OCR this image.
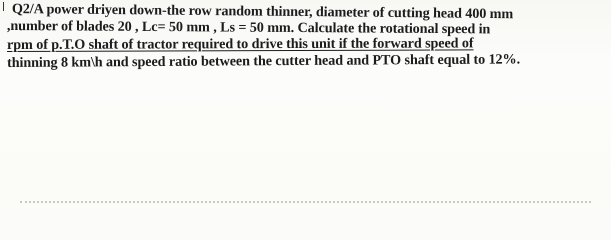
Q2/A power driyen down-the row random thinner, diameter of cutting head 400 mm
,number of blades 20 , Lc= 50 mm , Ls = 50 mm. Calculate the rotational speed in
rpm of p.T.O shaft of tractor required to drive this unit if the forward speed of
thinning 8 km\h and speed ratio between the cutter head and PTO shaft equal to 12%.
